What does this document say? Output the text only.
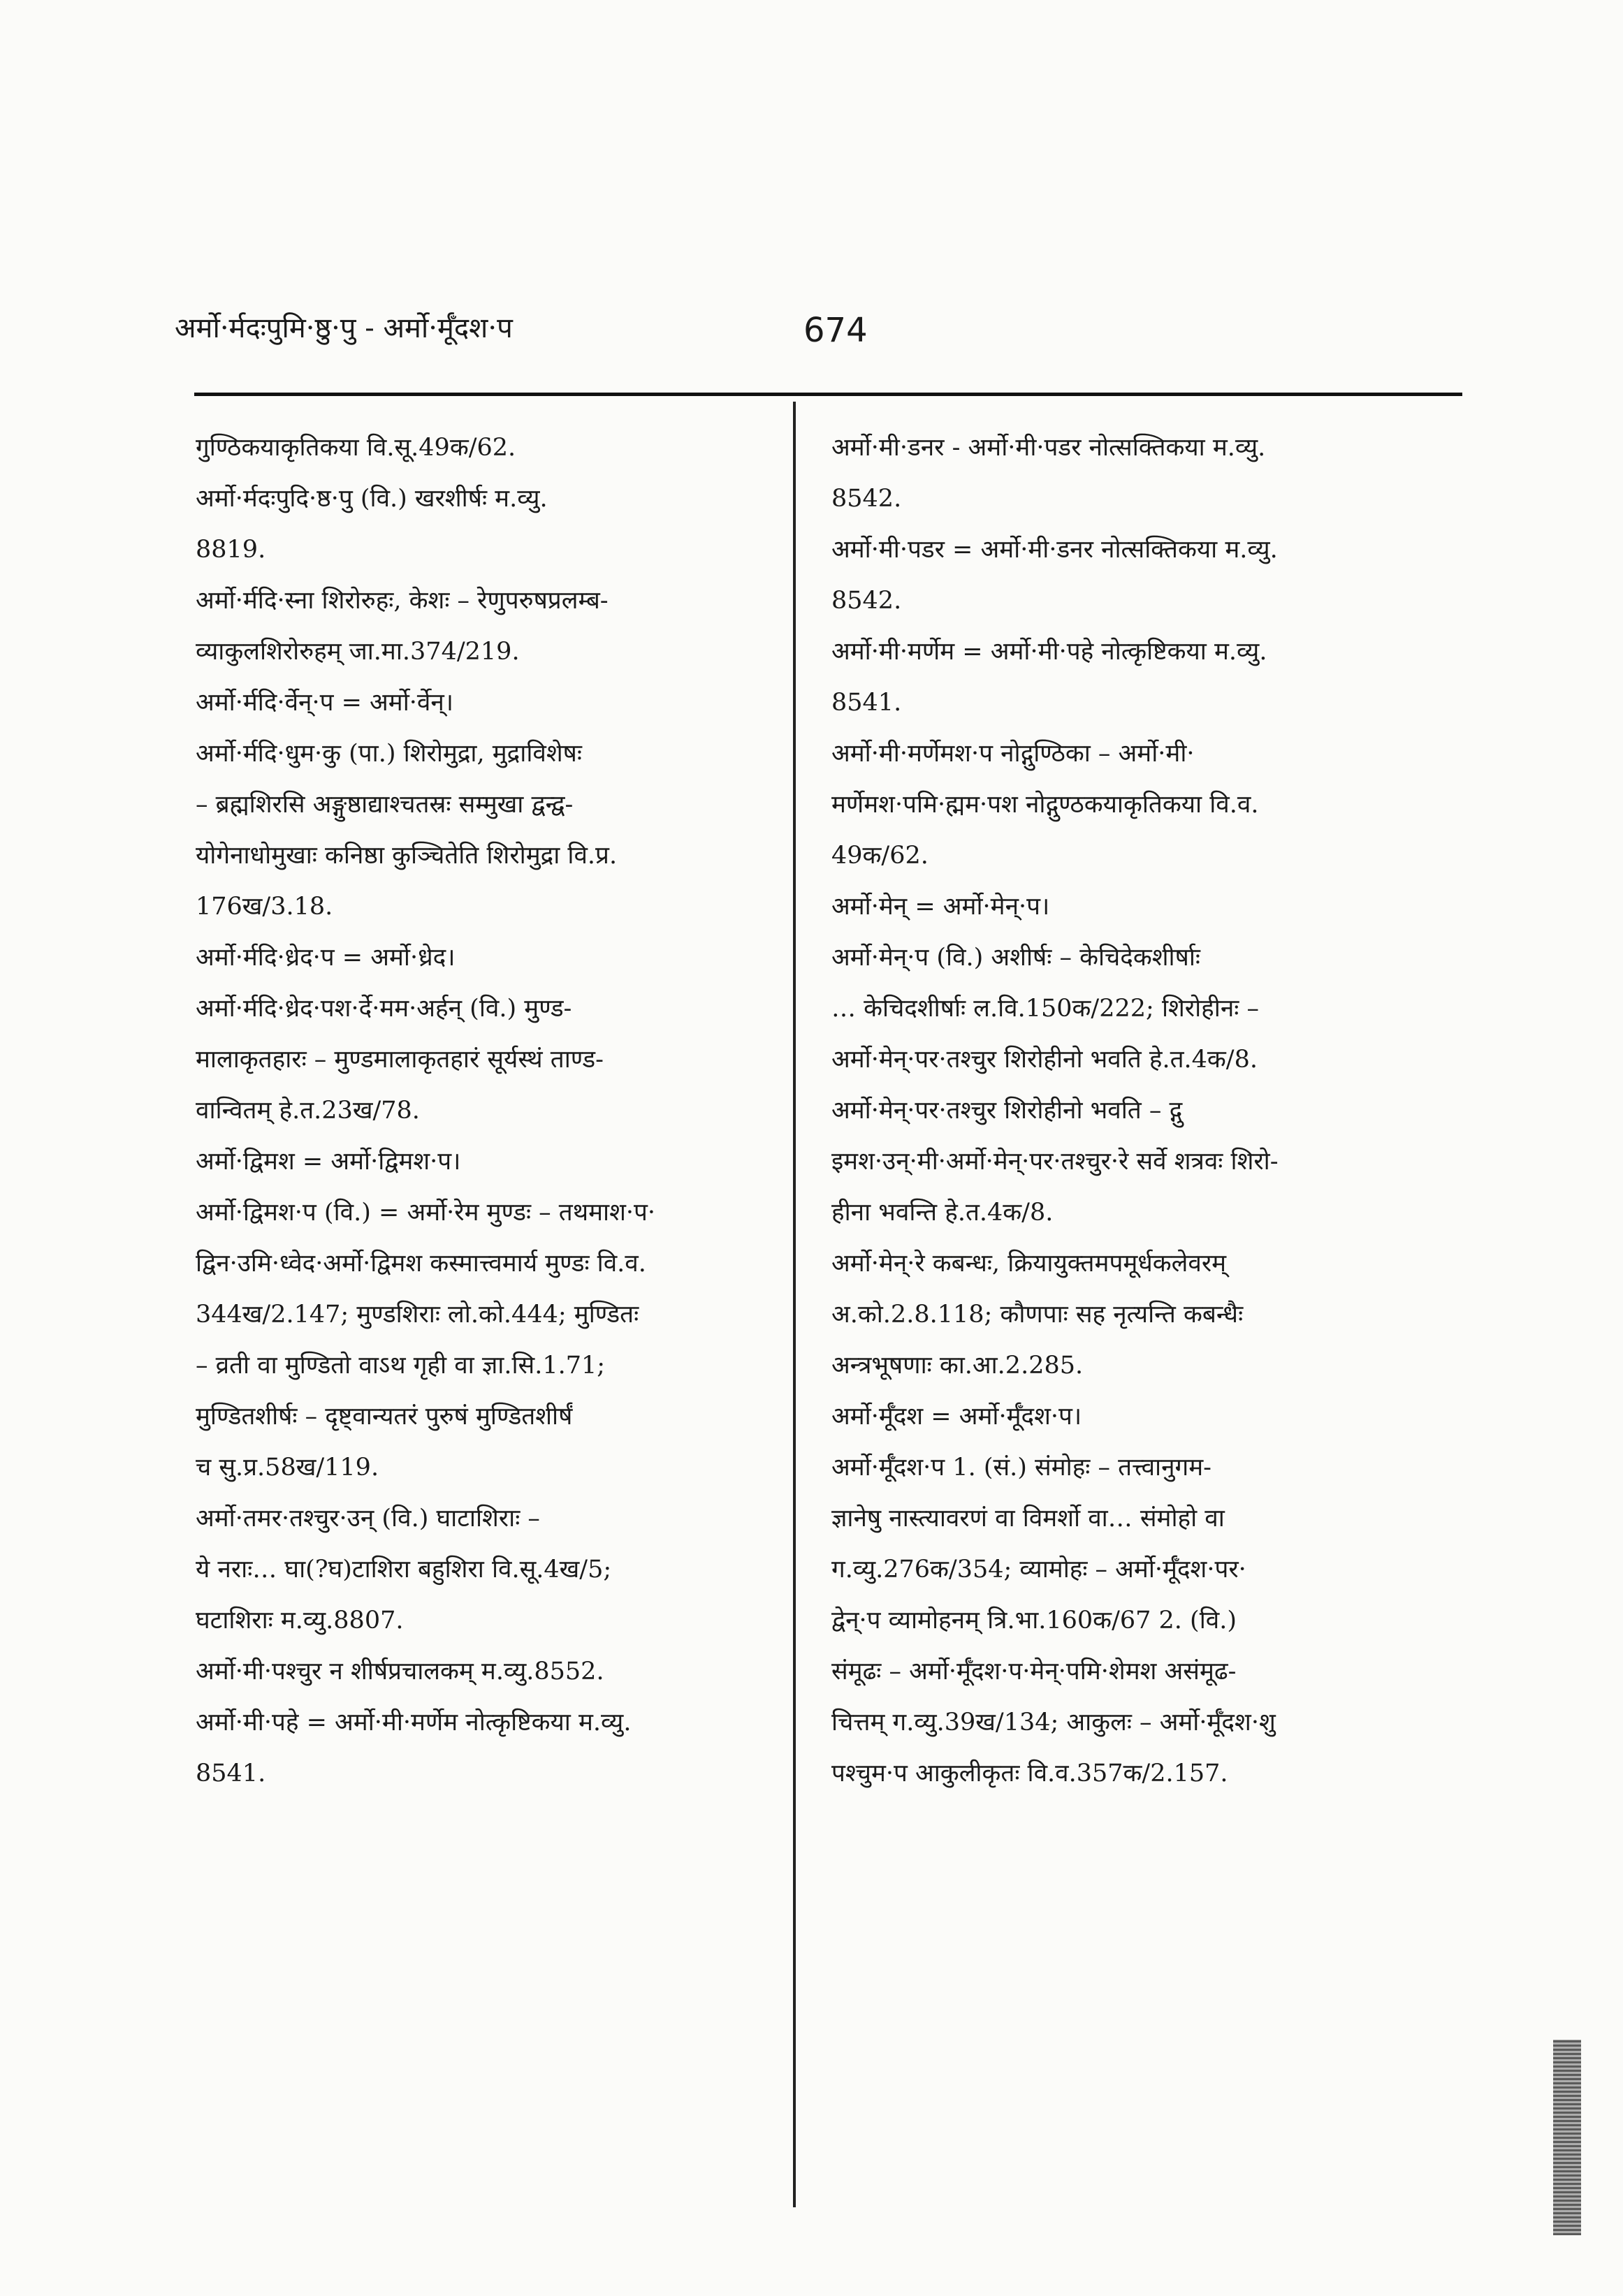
अर्मो·र्मदःपुमि·ष्ठु·पु - अर्मो·र्मूँदश·प	674
गुण्ठिकयाकृतिकया वि.सू.49क/62.
अर्मो·र्मदःपुदि·ष्ठ·पु (वि.) खरशीर्षः म.व्यु.
8819.
अर्मो·र्मदि·स्ना शिरोरुहः, केशः – रेणुपरुषप्रलम्ब-
व्याकुलशिरोरुहम् जा.मा.374/219.
अर्मो·र्मदि·र्वेन्·प = अर्मो·र्वेन्।
अर्मो·र्मदि·धुम·कु (पा.) शिरोमुद्रा, मुद्राविशेषः
– ब्रह्मशिरसि अङ्गुष्ठाद्याश्चतस्रः सम्मुखा द्वन्द्व-
योगेनाधोमुखाः कनिष्ठा कुञ्चितेति शिरोमुद्रा वि.प्र.
176ख/3.18.
अर्मो·र्मदि·ध्रेद·प = अर्मो·ध्रेद।
अर्मो·र्मदि·ध्रेद·पश·र्दे·मम·अर्हन् (वि.) मुण्ड-
मालाकृतहारः – मुण्डमालाकृतहारं सूर्यस्थं ताण्ड-
वान्वितम् हे.त.23ख/78.
अर्मो·द्विमश = अर्मो·द्विमश·प।
अर्मो·द्विमश·प (वि.) = अर्मो·रेम मुण्डः – तथमाश·प·
द्विन·उमि·ध्वेद·अर्मो·द्विमश कस्मात्त्वमार्य मुण्डः वि.व.
344ख/2.147; मुण्डशिराः लो.को.444; मुण्डितः
– व्रती वा मुण्डितो वाऽथ गृही वा ज्ञा.सि.1.71;
मुण्डितशीर्षः – दृष्ट्वान्यतरं पुरुषं मुण्डितशीर्षं
च सु.प्र.58ख/119.
अर्मो·तमर·तश्चुर·उन् (वि.) घाटाशिराः –
ये नराः… घा(?घ)टाशिरा बहुशिरा वि.सू.4ख/5;
घटाशिराः म.व्यु.8807.
अर्मो·मी·पश्चुर न शीर्षप्रचालकम् म.व्यु.8552.
अर्मो·मी·पहे = अर्मो·मी·मर्णेम नोत्कृष्टिकया म.व्यु.
8541.
अर्मो·मी·डनर - अर्मो·मी·पडर नोत्सक्तिकया म.व्यु.
8542.
अर्मो·मी·पडर = अर्मो·मी·डनर नोत्सक्तिकया म.व्यु.
8542.
अर्मो·मी·मर्णेम = अर्मो·मी·पहे नोत्कृष्टिकया म.व्यु.
8541.
अर्मो·मी·मर्णेमश·प नोद्गुण्ठिका – अर्मो·मी·
मर्णेमश·पमि·ह्मम·पश नोद्गुण्ठकयाकृतिकया वि.व.
49क/62.
अर्मो·मेन् = अर्मो·मेन्·प।
अर्मो·मेन्·प (वि.) अशीर्षः – केचिदेकशीर्षाः
… केचिदशीर्षाः ल.वि.150क/222; शिरोहीनः –
अर्मो·मेन्·पर·तश्चुर शिरोहीनो भवति हे.त.4क/8.
अर्मो·मेन्·पर·तश्चुर शिरोहीनो भवति – द्गु
इमश·उन्·मी·अर्मो·मेन्·पर·तश्चुर·रे सर्वे शत्रवः शिरो-
हीना भवन्ति हे.त.4क/8.
अर्मो·मेन्·रे कबन्धः, क्रियायुक्तमपमूर्धकलेवरम्
अ.को.2.8.118; कौणपाः सह नृत्यन्ति कबन्धैः
अन्त्रभूषणाः का.आ.2.285.
अर्मो·र्मूँदश = अर्मो·र्मूँदश·प।
अर्मो·र्मूँदश·प 1. (सं.) संमोहः – तत्त्वानुगम-
ज्ञानेषु नास्त्यावरणं वा विमर्शो वा… संमोहो वा
ग.व्यु.276क/354; व्यामोहः – अर्मो·र्मूँदश·पर·
द्वेन्·प व्यामोहनम् त्रि.भा.160क/67 2. (वि.)
संमूढः – अर्मो·र्मूँदश·प·मेन्·पमि·शेमश असंमूढ-
चित्तम् ग.व्यु.39ख/134; आकुलः – अर्मो·र्मूँदश·शु
पश्चुम·प आकुलीकृतः वि.व.357क/2.157.
